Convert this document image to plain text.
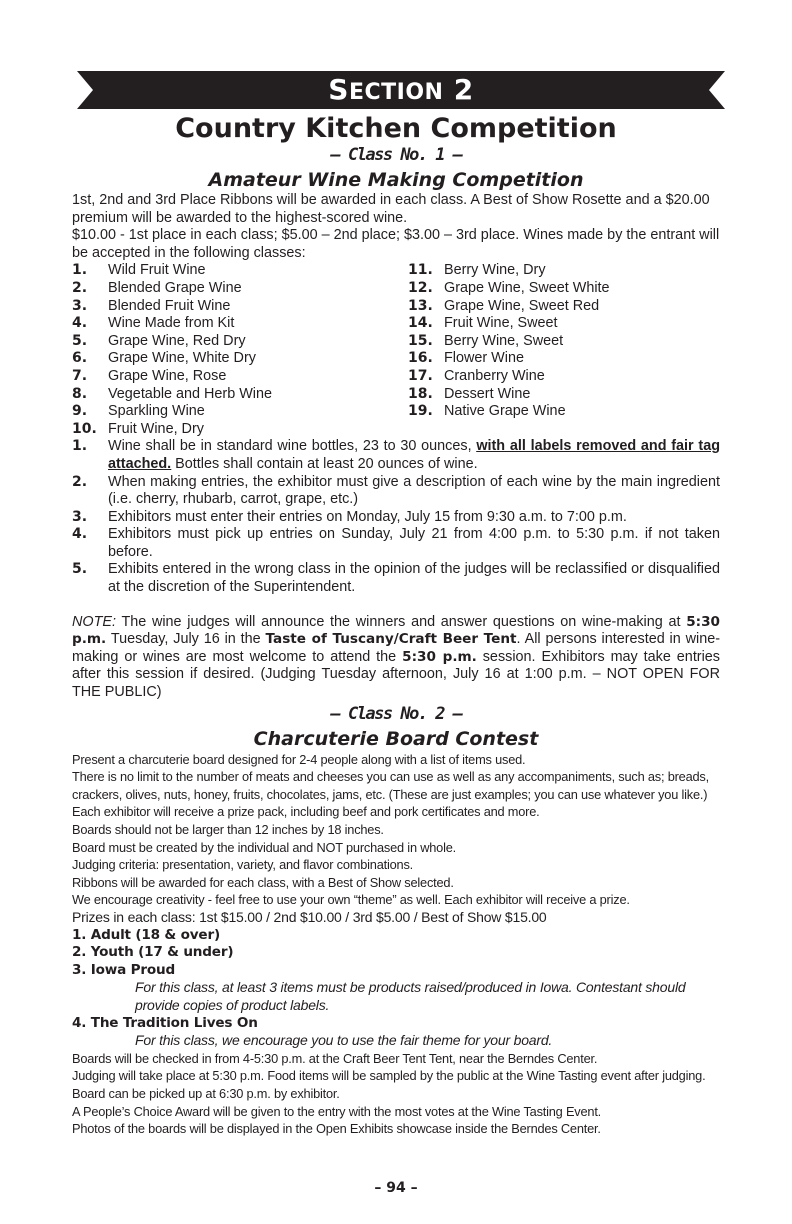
SECTION 2
Country Kitchen Competition
— Class No. 1 —
Amateur Wine Making Competition

1st, 2nd and 3rd Place Ribbons will be awarded in each class. A Best of Show Rosette and a $20.00 premium will be awarded to the highest-scored wine.

$10.00 - 1st place in each class; $5.00 – 2nd place; $3.00 – 3rd place. Wines made by the entrant will be accepted in the following classes:

1.	Wild Fruit Wine
2.	Blended Grape Wine
3.	Blended Fruit Wine
4.	Wine Made from Kit
5.	Grape Wine, Red Dry
6.	Grape Wine, White Dry
7.	Grape Wine, Rose
8.	Vegetable and Herb Wine
9.	Sparkling Wine
10. Fruit Wine, Dry
11. Berry Wine, Dry
12. Grape Wine, Sweet White
13. Grape Wine, Sweet Red
14. Fruit Wine, Sweet
15. Berry Wine, Sweet
16. Flower Wine
17. Cranberry Wine
18. Dessert Wine
19. Native Grape Wine
1.	Wine shall be in standard wine bottles, 23 to 30 ounces, with all labels removed and fair tag attached. Bottles shall contain at least 20 ounces of wine.
2.	When making entries, the exhibitor must give a description of each wine by the main ingredient (i.e. cherry, rhubarb, carrot, grape, etc.)
3.	Exhibitors must enter their entries on Monday, July 15 from 9:30 a.m. to 7:00 p.m.
4.	Exhibitors must pick up entries on Sunday, July 21 from 4:00 p.m. to 5:30 p.m. if not taken before.
5.	Exhibits entered in the wrong class in the opinion of the judges will be reclassified or disqualified at the discretion of the Superintendent.

NOTE: The wine judges will announce the winners and answer questions on wine-making at 5:30 p.m. Tuesday, July 16 in the Taste of Tuscany/Craft Beer Tent. All persons interested in wine-making or wines are most welcome to attend the 5:30 p.m. session. Exhibitors may take entries after this session if desired. (Judging Tuesday afternoon, July 16 at 1:00 p.m. – NOT OPEN FOR THE PUBLIC)

— Class No. 2 —
Charcuterie Board Contest

Present a charcuterie board designed for 2-4 people along with a list of items used.

There is no limit to the number of meats and cheeses you can use as well as any accompaniments, such as; breads, crackers, olives, nuts, honey, fruits, chocolates, jams, etc. (These are just examples; you can use whatever you like.)

Each exhibitor will receive a prize pack, including beef and pork certificates and more.

Boards should not be larger than 12 inches by 18 inches.

Board must be created by the individual and NOT purchased in whole.

Judging criteria: presentation, variety, and flavor combinations.

Ribbons will be awarded for each class, with a Best of Show selected.

We encourage creativity - feel free to use your own “theme” as well. Each exhibitor will receive a prize.

Prizes in each class: 1st $15.00 / 2nd $10.00 / 3rd $5.00 / Best of Show $15.00

1. Adult (18 & over)

2. Youth (17 & under)

3. Iowa Proud

For this class, at least 3 items must be products raised/produced in Iowa. Contestant should provide copies of product labels.

4. The Tradition Lives On

For this class, we encourage you to use the fair theme for your board.

Boards will be checked in from 4-5:30 p.m. at the Craft Beer Tent Tent, near the Berndes Center.

Judging will take place at 5:30 p.m. Food items will be sampled by the public at the Wine Tasting event after judging. Board can be picked up at 6:30 p.m. by exhibitor.

A People’s Choice Award will be given to the entry with the most votes at the Wine Tasting Event.

Photos of the boards will be displayed in the Open Exhibits showcase inside the Berndes Center.

– 94 –
